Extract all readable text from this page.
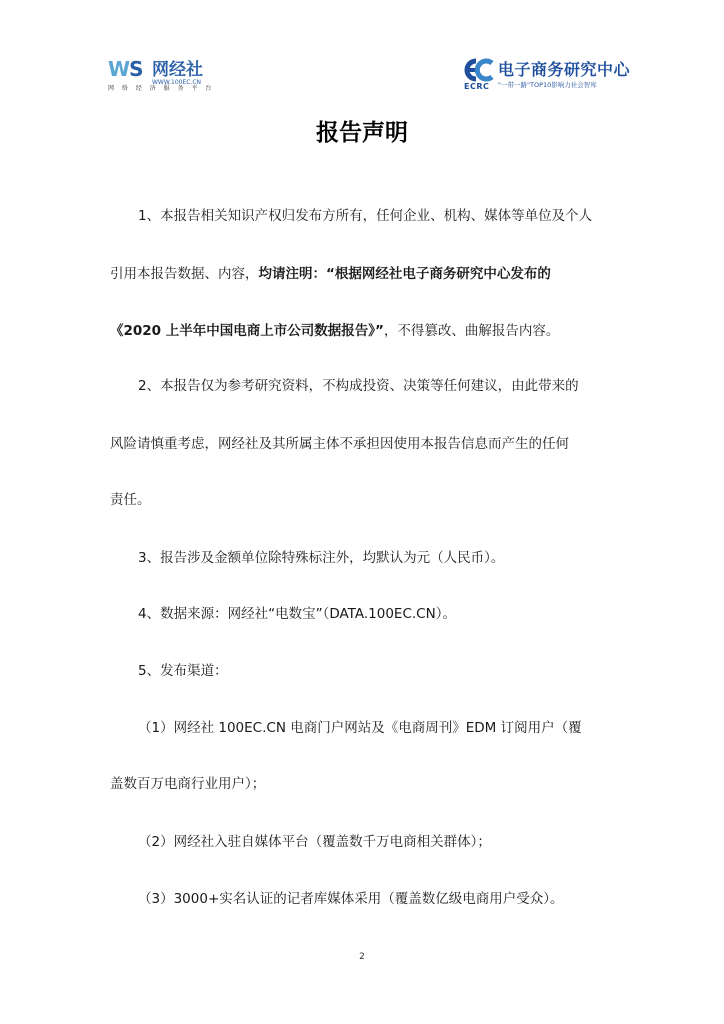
WS 网经社
WWW.100EC.CN
网 络 经 济 服 务 平 台	ECRC
电子商务研究中心
"一带一路"TOP10影响力社会智库
报告声明
1、本报告相关知识产权归发布方所有，任何企业、机构、媒体等单位及个人
引用本报告数据、内容，均请注明：“根据网经社电子商务研究中心发布的
《2020 上半年中国电商上市公司数据报告》”，不得篡改、曲解报告内容。
2、本报告仅为参考研究资料，不构成投资、决策等任何建议，由此带来的
风险请慎重考虑，网经社及其所属主体不承担因使用本报告信息而产生的任何
责任。
3、报告涉及金额单位除特殊标注外，均默认为元（人民币）。
4、数据来源：网经社“电数宝”（DATA.100EC.CN）。
5、发布渠道：
（1）网经社 100EC.CN 电商门户网站及《电商周刊》EDM 订阅用户（覆
盖数百万电商行业用户）；
（2）网经社入驻自媒体平台（覆盖数千万电商相关群体）；
（3）3000+实名认证的记者库媒体采用（覆盖数亿级电商用户受众）。
2
